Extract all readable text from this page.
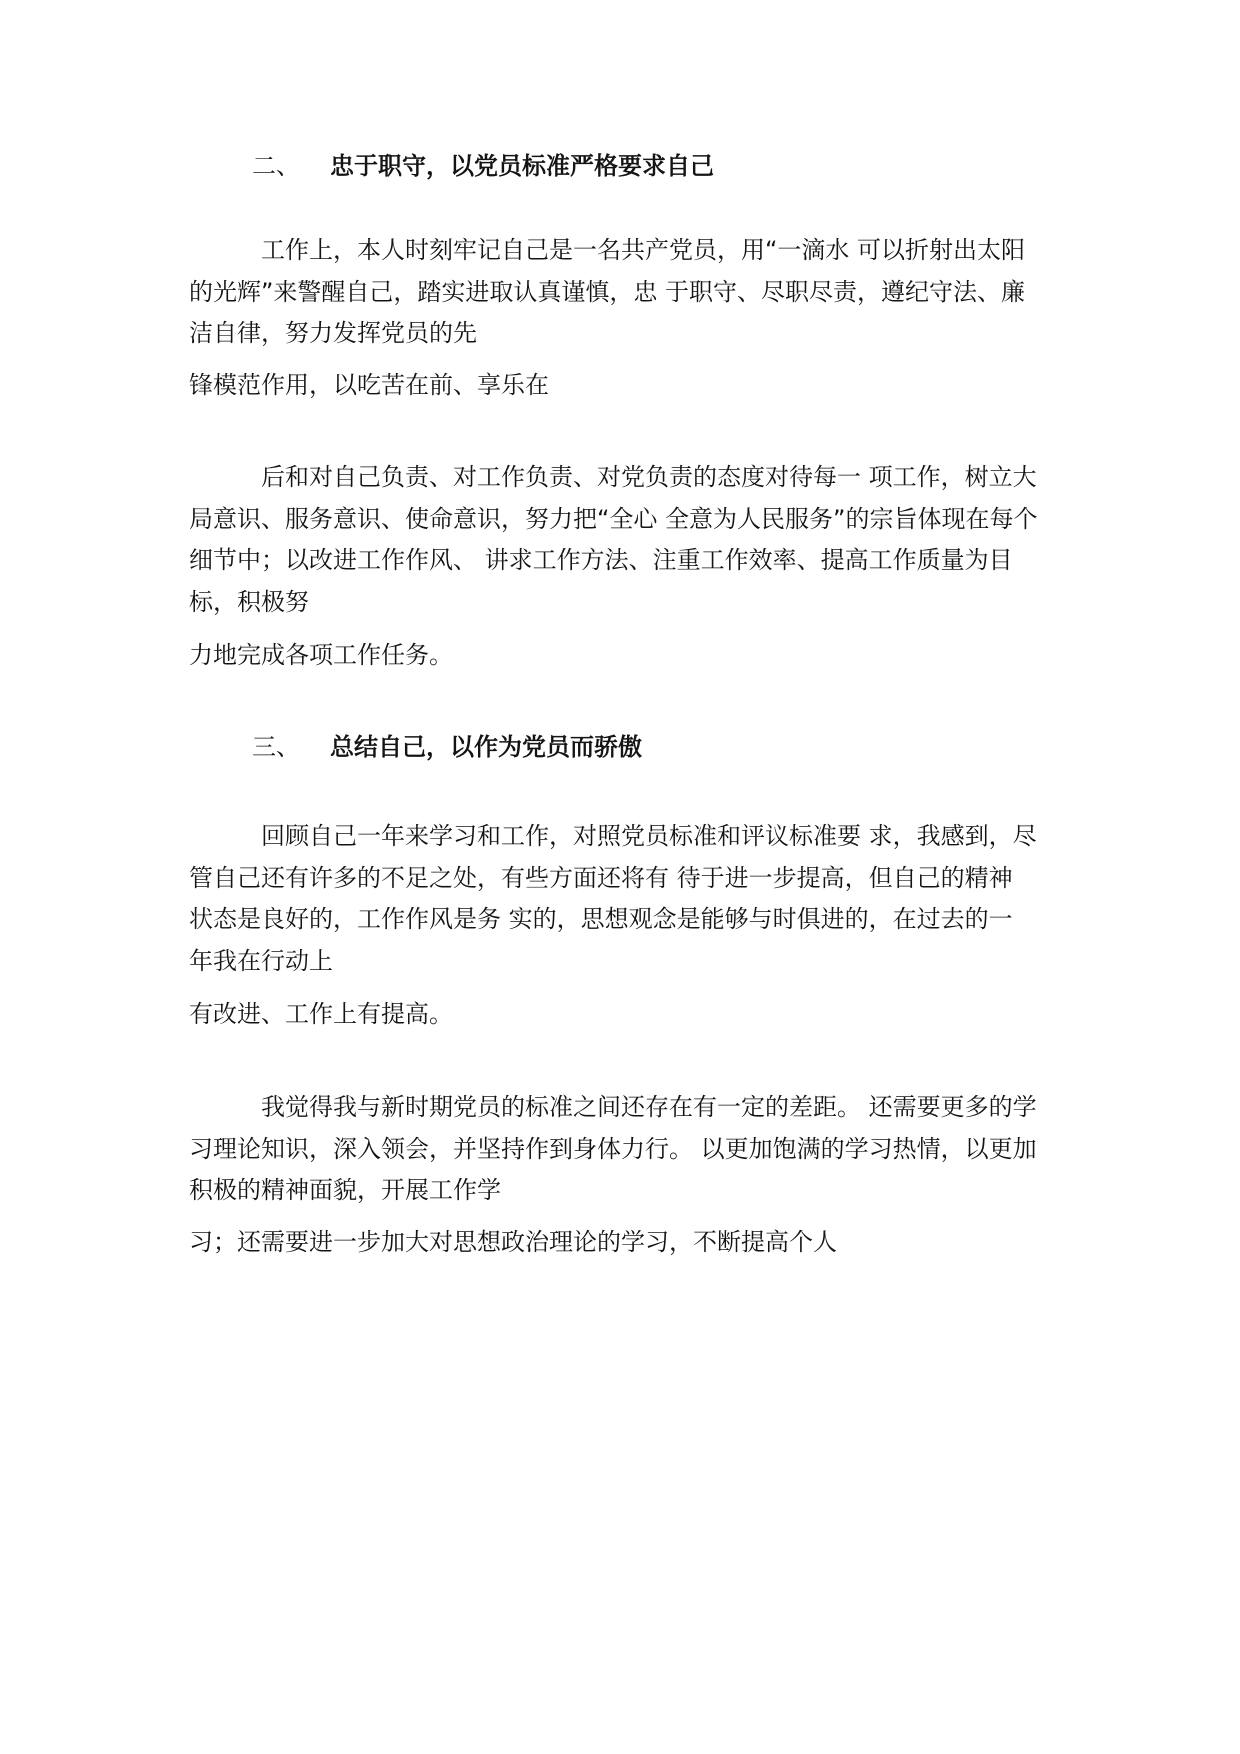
二、 忠于职守，以党员标准严格要求自己
　　　工作上，本人时刻牢记自己是一名共产党员，用“一滴水 可以折射出太阳
的光辉”来警醒自己，踏实进取认真谨慎，忠 于职守、尽职尽责，遵纪守法、廉
洁自律，努力发挥党员的先
锋模范作用，以吃苦在前、享乐在
　　　后和对自己负责、对工作负责、对党负责的态度对待每一 项工作，树立大
局意识、服务意识、使命意识，努力把“全心 全意为人民服务”的宗旨体现在每个
细节中；以改进工作作风、 讲求工作方法、注重工作效率、提高工作质量为目
标，积极努
力地完成各项工作任务。
三、 总结自己，以作为党员而骄傲
　　　回顾自己一年来学习和工作，对照党员标准和评议标准要 求，我感到，尽
管自己还有许多的不足之处，有些方面还将有 待于进一步提高，但自己的精神
状态是良好的，工作作风是务 实的，思想观念是能够与时俱进的，在过去的一
年我在行动上
有改进、工作上有提高。
　　　我觉得我与新时期党员的标准之间还存在有一定的差距。 还需要更多的学
习理论知识，深入领会，并坚持作到身体力行。 以更加饱满的学习热情，以更加
积极的精神面貌，开展工作学
习；还需要进一步加大对思想政治理论的学习，不断提高个人
